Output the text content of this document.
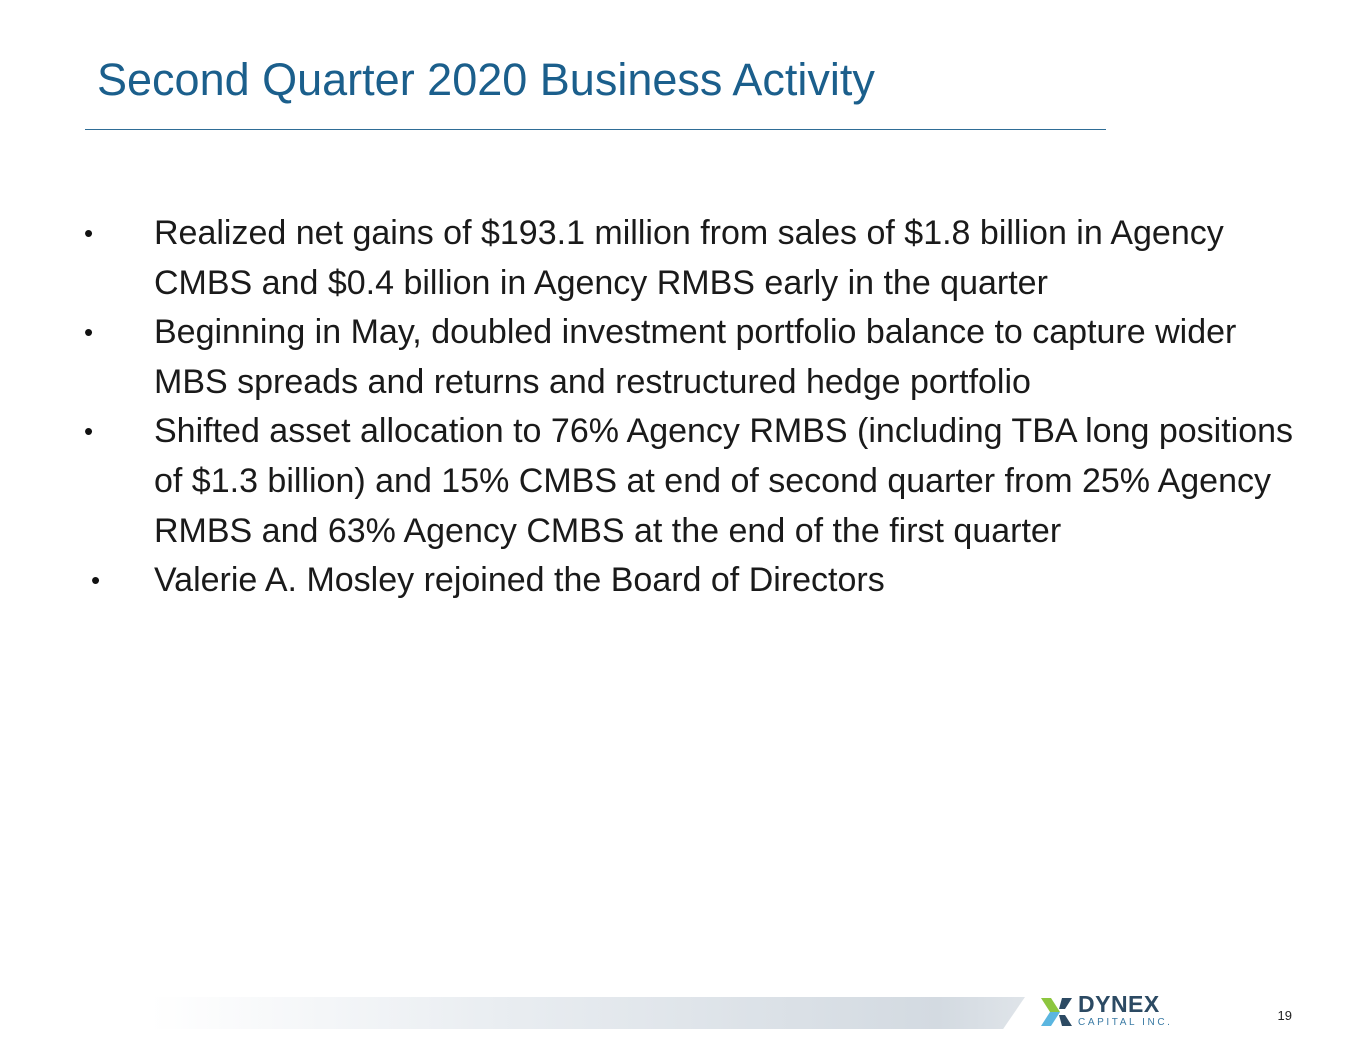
Second Quarter 2020 Business Activity
• Realized net gains of $193.1 million from sales of $1.8 billion in Agency CMBS and $0.4 billion in Agency RMBS early in the quarter
• Beginning in May, doubled investment portfolio balance to capture wider MBS spreads and returns and restructured hedge portfolio
• Shifted asset allocation to 76% Agency RMBS (including TBA long positions of $1.3 billion) and 15% CMBS at end of second quarter from 25% Agency RMBS and 63% Agency CMBS at the end of the first quarter
• Valerie A. Mosley rejoined the Board of Directors
DYNEX
CAPITAL INC.	19
